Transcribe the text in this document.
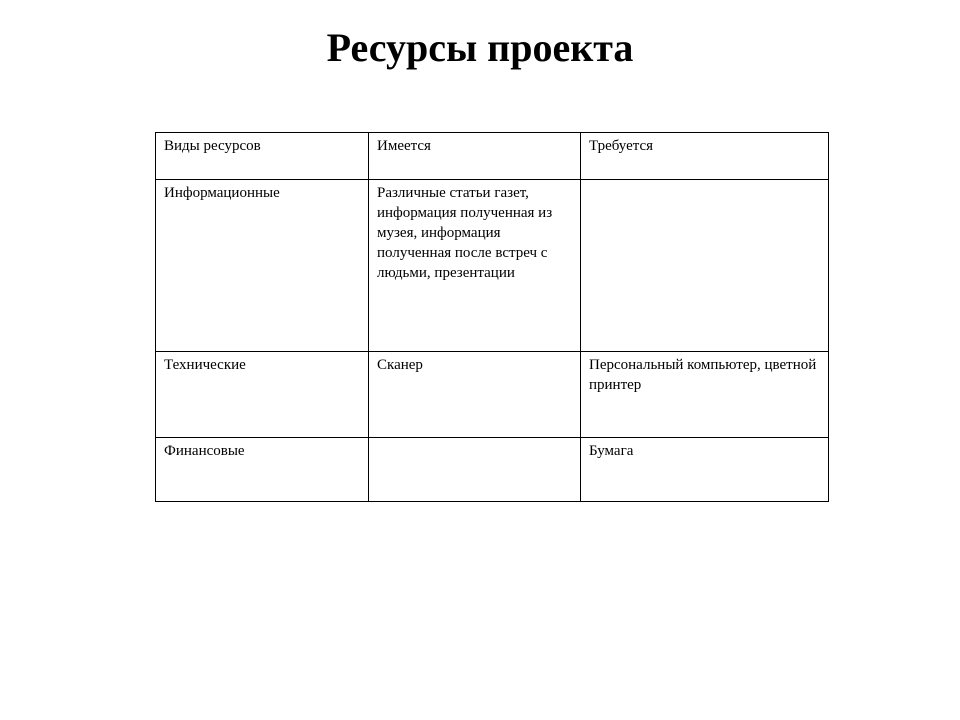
Ресурсы проекта
Виды ресурсов	Имеется	Требуется
Информационные	Различные статьи газет, информация полученная из музея, информация полученная после встреч с людьми, презентации	
Технические	Сканер	Персональный компьютер, цветной принтер
Финансовые		Бумага
